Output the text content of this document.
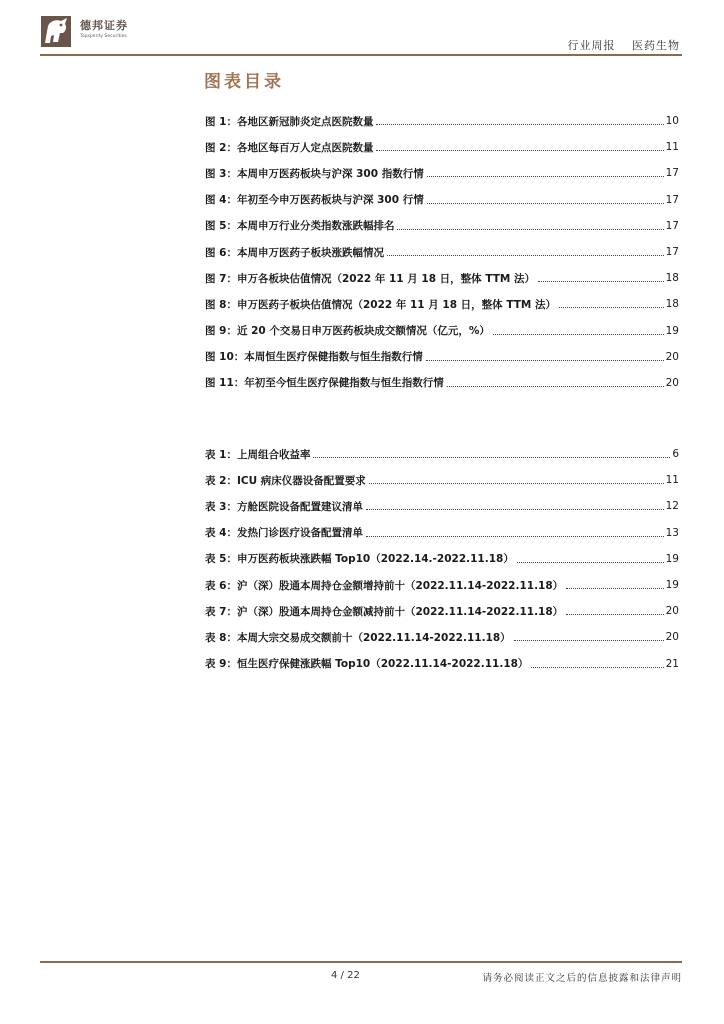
德邦证券
Topsperity Securities
行业周报 医药生物
图表目录
图 1：各地区新冠肺炎定点医院数量	10
图 2：各地区每百万人定点医院数量	11
图 3：本周申万医药板块与沪深 300 指数行情	17
图 4：年初至今申万医药板块与沪深 300 行情	17
图 5：本周申万行业分类指数涨跌幅排名	17
图 6：本周申万医药子板块涨跌幅情况	17
图 7：申万各板块估值情况（2022 年 11 月 18 日，整体 TTM 法）	18
图 8：申万医药子板块估值情况（2022 年 11 月 18 日，整体 TTM 法）	18
图 9：近 20 个交易日申万医药板块成交额情况（亿元，%）	19
图 10：本周恒生医疗保健指数与恒生指数行情	20
图 11：年初至今恒生医疗保健指数与恒生指数行情	20
表 1：上周组合收益率	6
表 2：ICU 病床仪器设备配置要求	11
表 3：方舱医院设备配置建议清单	12
表 4：发热门诊医疗设备配置清单	13
表 5：申万医药板块涨跌幅 Top10（2022.14.-2022.11.18）	19
表 6：沪（深）股通本周持仓金额增持前十（2022.11.14-2022.11.18）	19
表 7：沪（深）股通本周持仓金额减持前十（2022.11.14-2022.11.18）	20
表 8：本周大宗交易成交额前十（2022.11.14-2022.11.18）	20
表 9：恒生医疗保健涨跌幅 Top10（2022.11.14-2022.11.18）	21
4 / 22	请务必阅读正文之后的信息披露和法律声明
